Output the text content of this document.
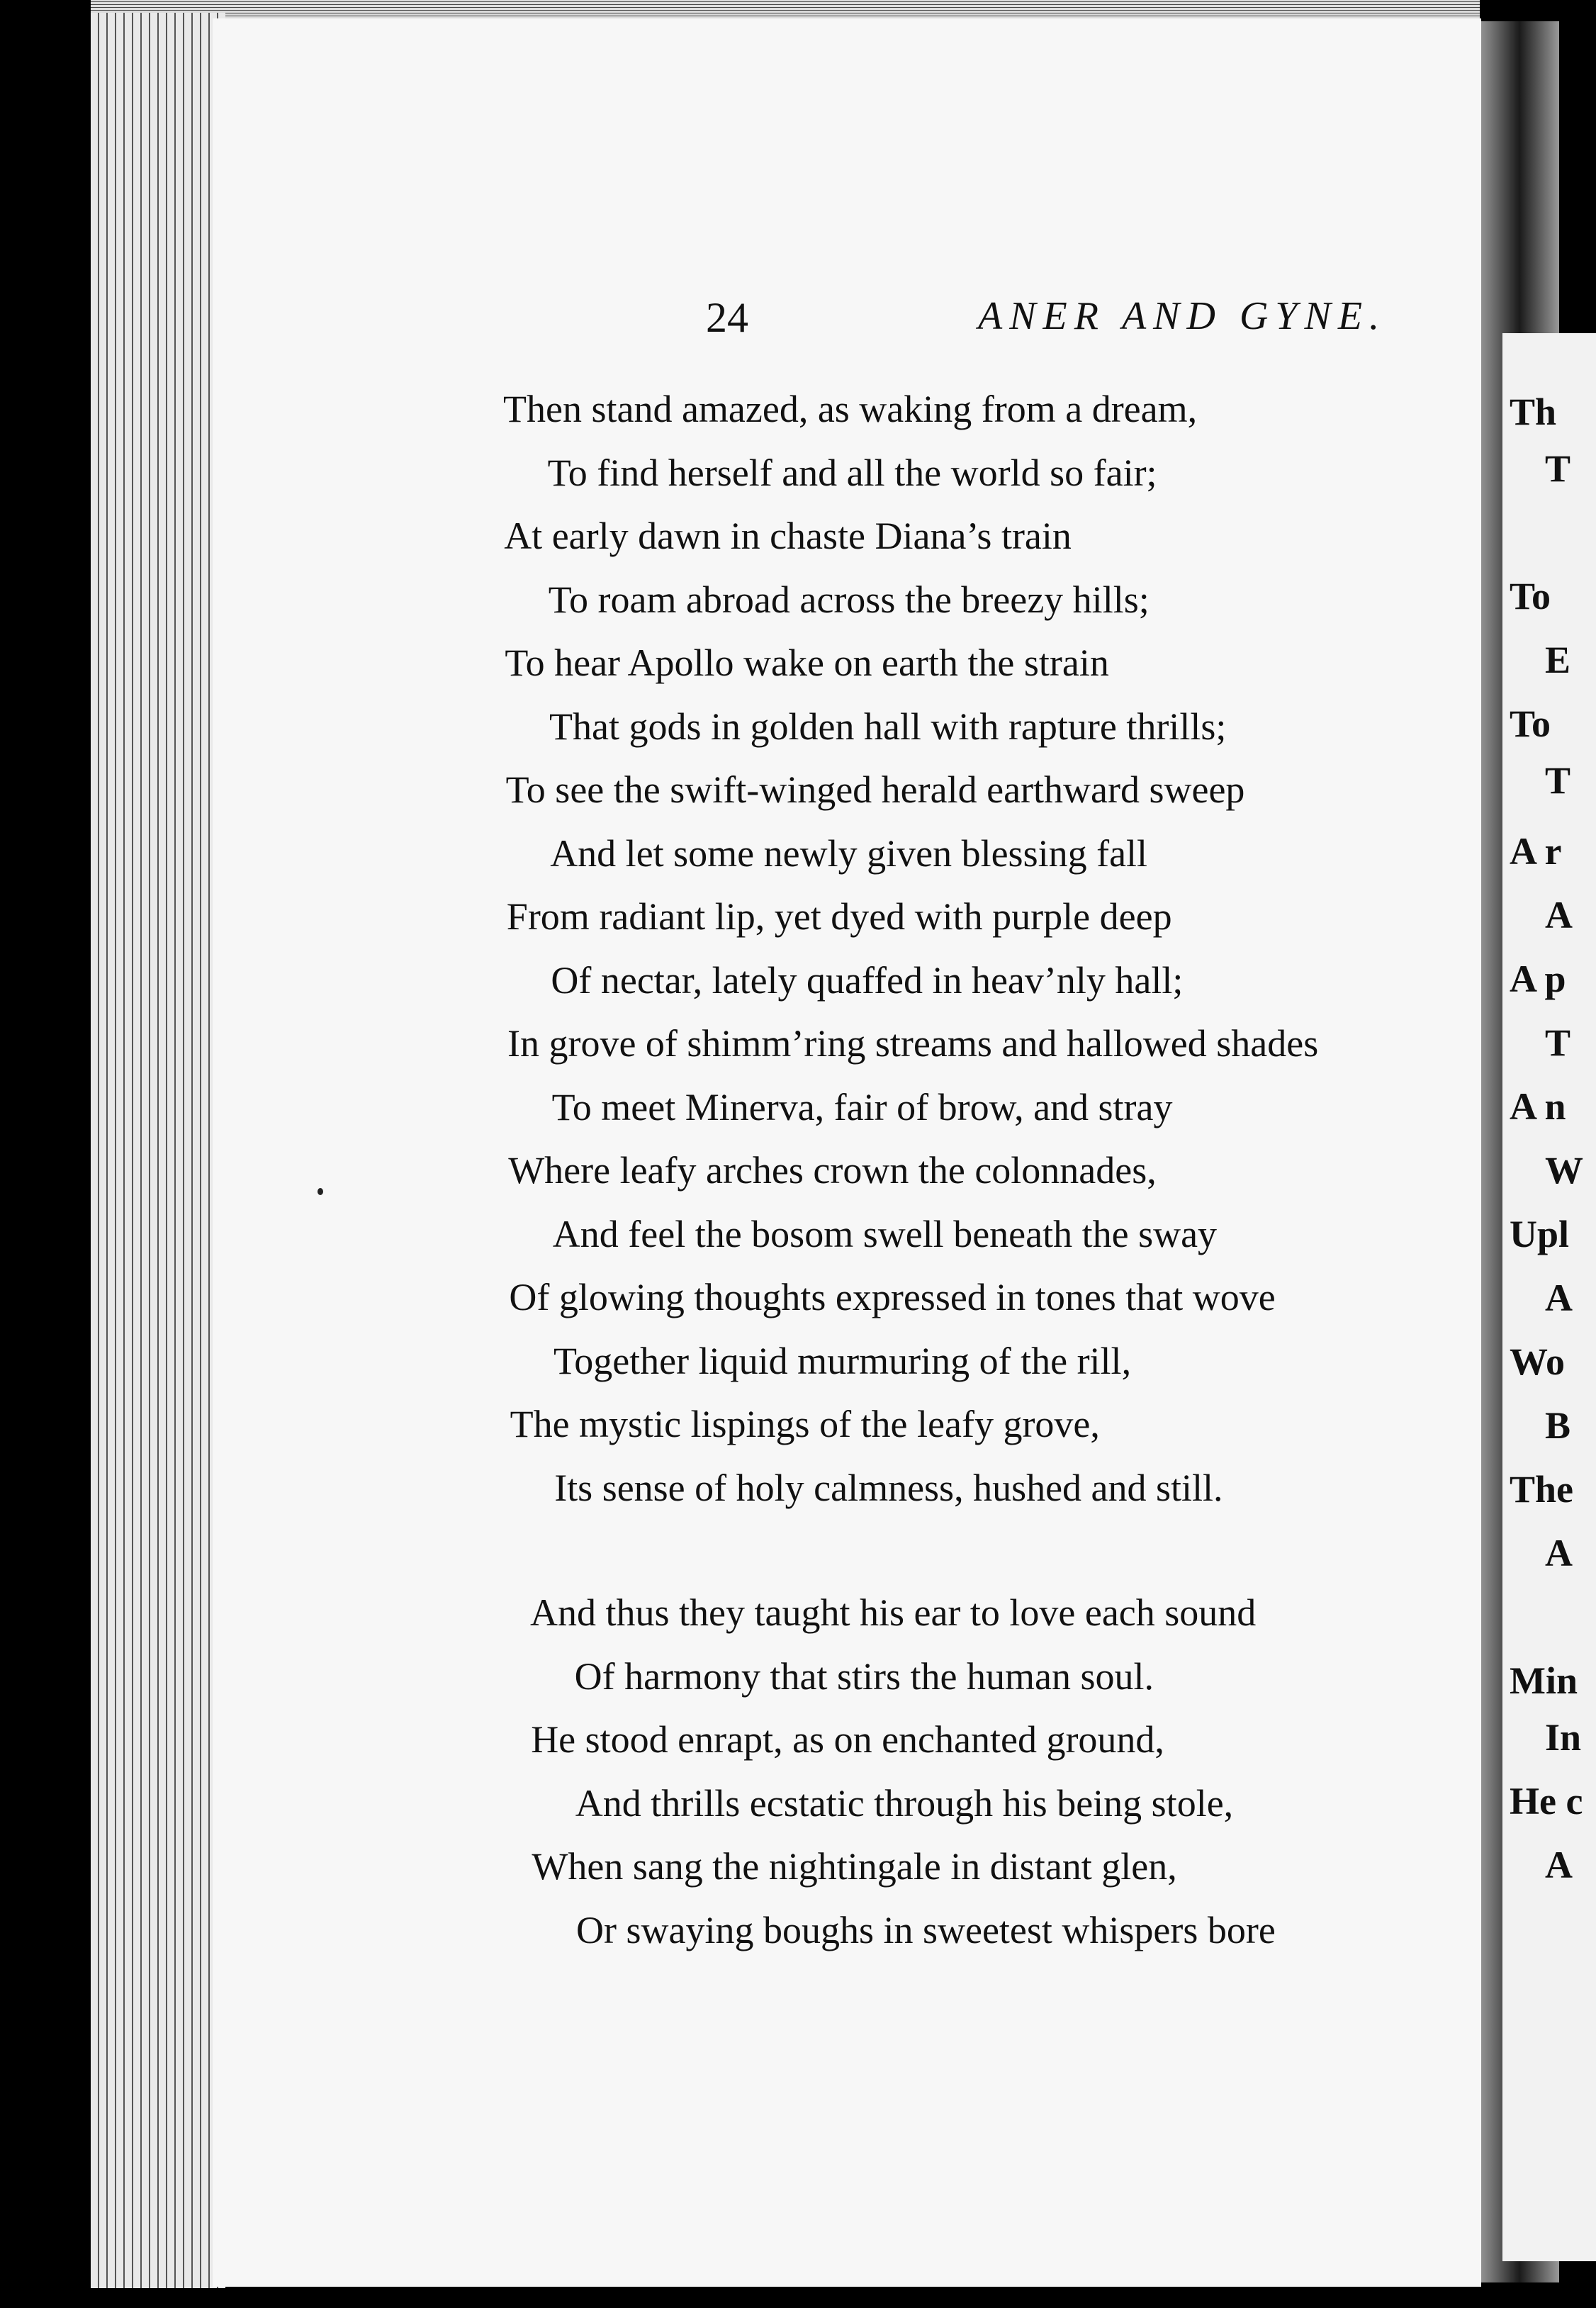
Th
T
To
E
To
T
A r
A
A p
T
A n
W
Upl
A
Wo
B
The
A
Min
In
He c
A
24	ANER AND GYNE.
Then stand amazed, as waking from a dream,
To find herself and all the world so fair;
At early dawn in chaste Diana’s train
To roam abroad across the breezy hills;
To hear Apollo wake on earth the strain
That gods in golden hall with rapture thrills;
To see the swift-winged herald earthward sweep
And let some newly given blessing fall
From radiant lip, yet dyed with purple deep
Of nectar, lately quaffed in heav’nly hall;
In grove of shimm’ring streams and hallowed shades
To meet Minerva, fair of brow, and stray
Where leafy arches crown the colonnades,
And feel the bosom swell beneath the sway
Of glowing thoughts expressed in tones that wove
Together liquid murmuring of the rill,
The mystic lispings of the leafy grove,
Its sense of holy calmness, hushed and still.
And thus they taught his ear to love each sound
Of harmony that stirs the human soul.
He stood enrapt, as on enchanted ground,
And thrills ecstatic through his being stole,
When sang the nightingale in distant glen,
Or swaying boughs in sweetest whispers bore
